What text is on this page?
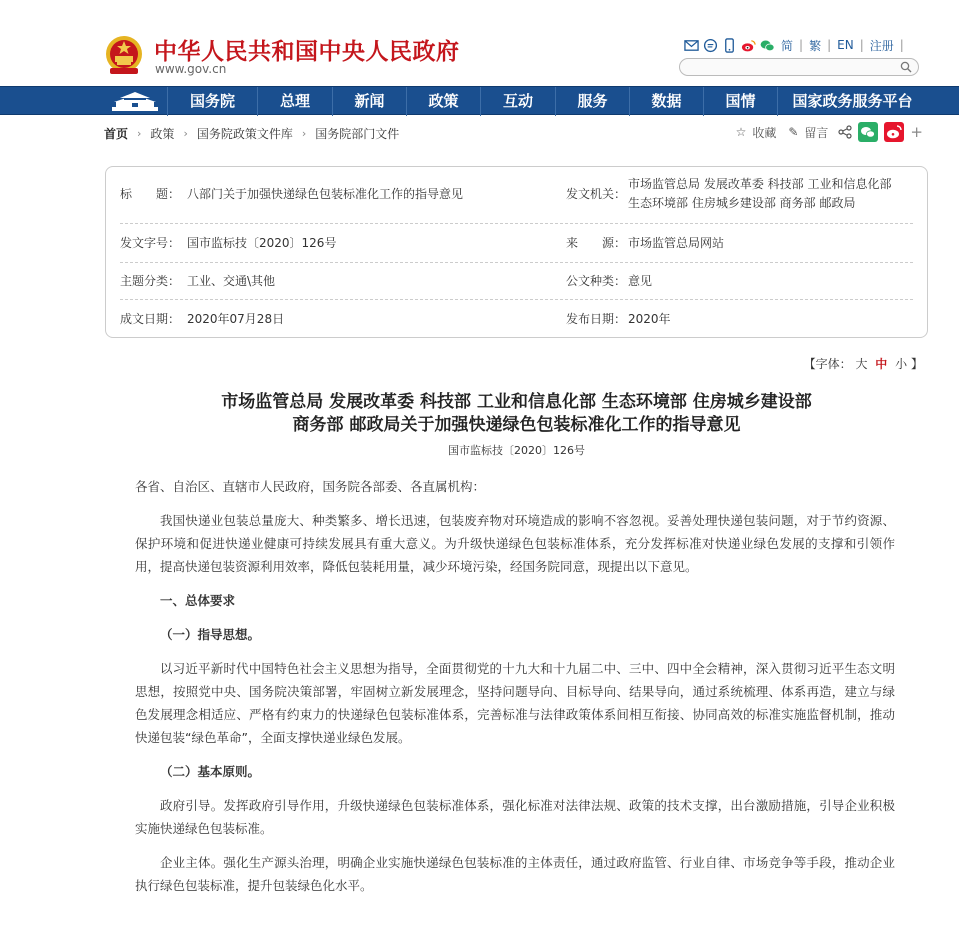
中华人民共和国中央人民政府
www.gov.cn
简 | 繁 | EN | 注册 |
国务院	总理	新闻	政策	互动	服务	数据	国情	国家政务服务平台
首页 › 政策 › 国务院政策文件库 › 国务院部门文件	☆ 收藏 ✎ 留言	+
标　　题： 八部门关于加强快递绿色包装标准化工作的指导意见	发文机关：
市场监管总局 发展改革委 科技部 工业和信息化部
生态环境部 住房城乡建设部 商务部 邮政局
发文字号： 国市监标技〔2020〕126号	来　　源： 市场监管总局网站
主题分类： 工业、交通\其他	公文种类： 意见
成文日期： 2020年07月28日	发布日期： 2020年
【字体： 大 中 小 】
市场监管总局 发展改革委 科技部 工业和信息化部 生态环境部 住房城乡建设部
商务部 邮政局关于加强快递绿色包装标准化工作的指导意见
国市监标技〔2020〕126号

各省、自治区、直辖市人民政府，国务院各部委、各直属机构：

我国快递业包装总量庞大、种类繁多、增长迅速，包装废弃物对环境造成的影响不容忽视。妥善处理快递包装问题，对于节约资源、保护环境和促进快递业健康可持续发展具有重大意义。为升级快递绿色包装标准体系，充分发挥标准对快递业绿色发展的支撑和引领作用，提高快递包装资源利用效率，降低包装耗用量，减少环境污染，经国务院同意，现提出以下意见。

一、总体要求

（一）指导思想。

以习近平新时代中国特色社会主义思想为指导，全面贯彻党的十九大和十九届二中、三中、四中全会精神，深入贯彻习近平生态文明思想，按照党中央、国务院决策部署，牢固树立新发展理念，坚持问题导向、目标导向、结果导向，通过系统梳理、体系再造，建立与绿色发展理念相适应、严格有约束力的快递绿色包装标准体系，完善标准与法律政策体系间相互衔接、协同高效的标准实施监督机制，推动快递包装“绿色革命”，全面支撑快递业绿色发展。

（二）基本原则。

政府引导。发挥政府引导作用，升级快递绿色包装标准体系，强化标准对法律法规、政策的技术支撑，出台激励措施，引导企业积极实施快递绿色包装标准。

企业主体。强化生产源头治理，明确企业实施快递绿色包装标准的主体责任，通过政府监管、行业自律、市场竞争等手段，推动企业执行绿色包装标准，提升包装绿色化水平。
